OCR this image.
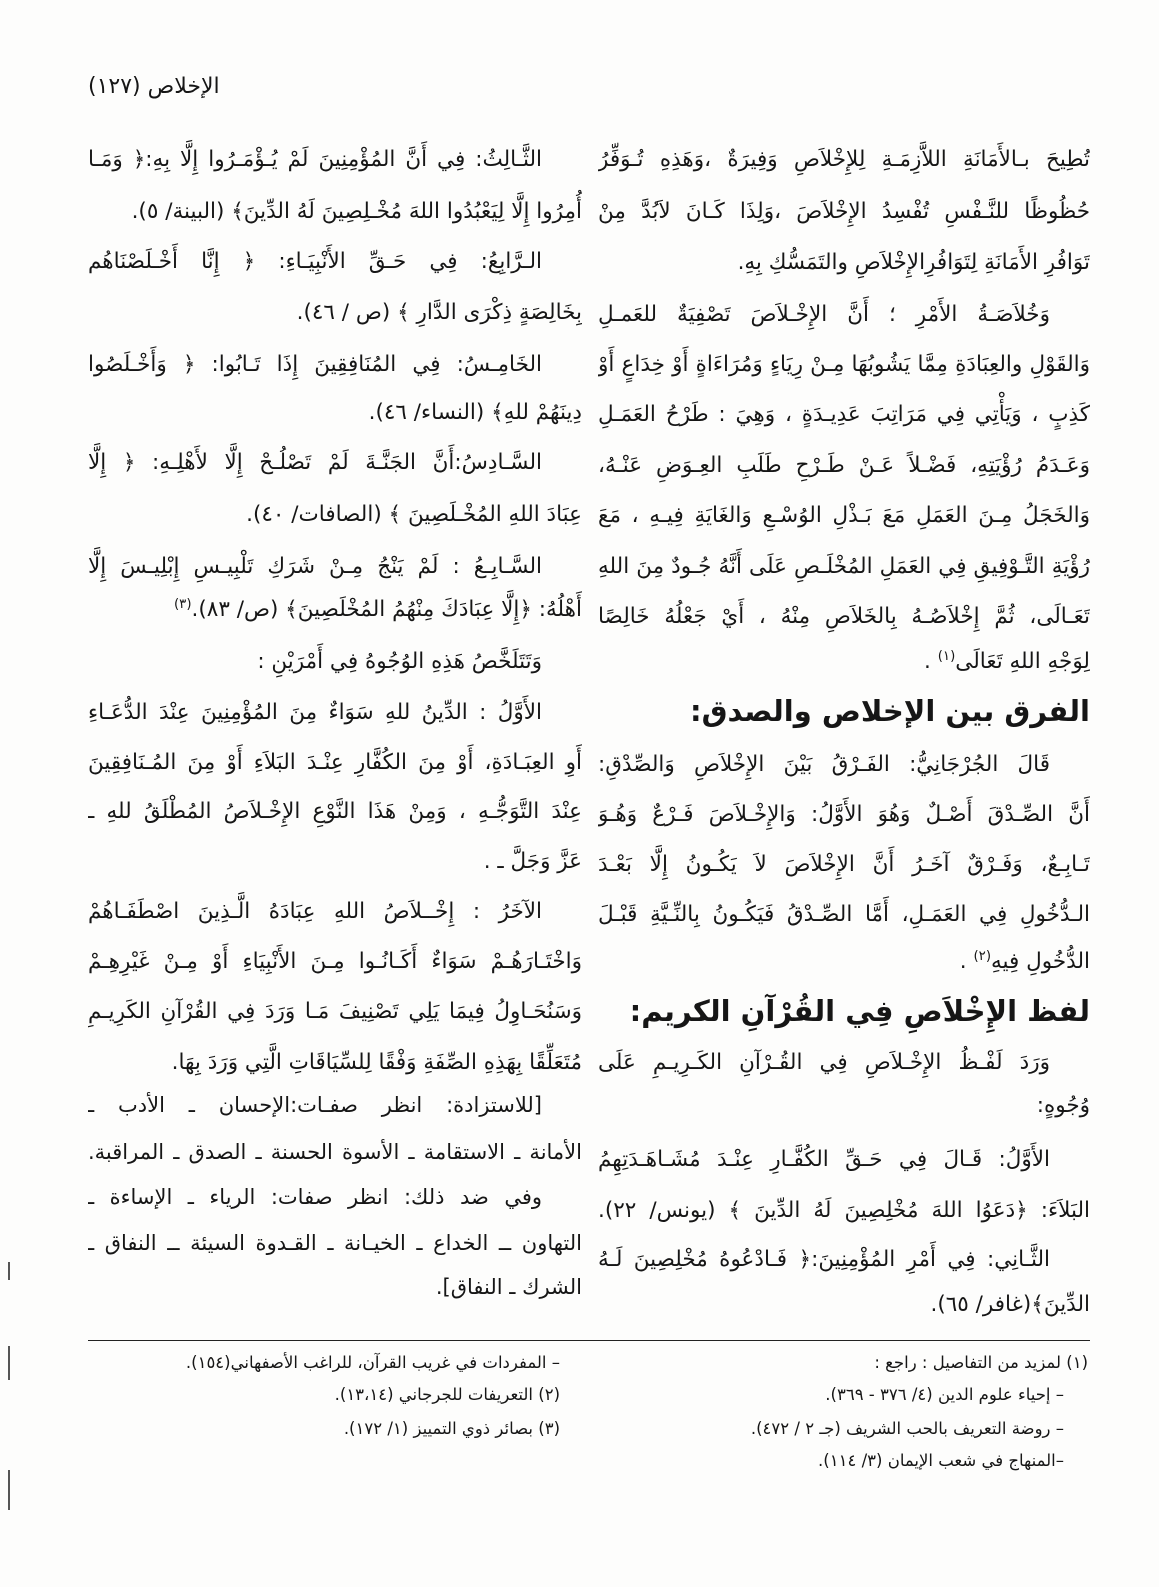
الإخلاص (١٢٧)
تُطِيحَ بـالأَمَانَةِ اللاَّزِمَـةِ لِلإِخْلاَصِ وَفِيرَةٌ ،وَهَذِهِ تُـوَفِّرُ
حُظُوظًا للنَّـفْسِ تُفْسِدُ الإِخْلاَصَ ،وَلِذَا كَـانَ لاَبُدَّ مِنْ
تَوَافُرِ الأَمَانَةِ لِتَوَافُرِالإِخْلاَصِ والتَمَسُّكِ بِهِ.
وَخُلاَصَـةُ الأَمْرِ ؛ أَنَّ الإِخْـلاَصَ تَصْفِيَةٌ للعَمـلِ
وَالقَوْلِ والعِبَادَةِ مِمَّا يَشُوبُهَا مِـنْ رِيَاءٍ وَمُرَاءَاةٍ أَوْ خِدَاعٍ أَوْ
كَذِبٍ ، وَيَأْتِي فِي مَرَاتِبَ عَدِيـدَةٍ ، وَهِيَ : طَرْحُ العَمَـلِ
وَعَـدَمُ رُؤْيَتِهِ، فَضْـلاً عَـنْ طَـرْحِ طَلَبِ العِـوَضِ عَنْـهُ،
وَالخَجَلُ مِـنَ العَمَلِ مَعَ بَـذْلِ الوُسْـعِ وَالغَايَةِ فِيـهِ ، مَعَ
رُؤْيَةِ التَّـوْفِيقِ فِي العَمَلِ المُخْلَـصِ عَلَى أَنَّهُ جُـودٌ مِنَ اللهِ
تَعَـالَى، ثُمَّ إِخْلاَصُـهُ بِالخَلاَصِ مِنْهُ ، أَيْ جَعْلُهُ خَالِصًا
لِوَجْهِ اللهِ تَعَالَى$^{(١)}$ .
الفرق بين الإخلاص والصدق:
قَالَ الجُرْجَانِيُّ: الفَـرْقُ بَيْنَ الإِخْلاَصِ وَالصِّدْقِ:
أَنَّ الصِّـدْقَ أَصْـلٌ وَهُوَ الأَوَّلُ: وَالإِخْـلاَصَ فَـرْعٌ وَهُـوَ
تَـابِـعٌ، وَفَـرْقٌ آخَـرُ أَنَّ الإِخْلاَصَ لاَ يَكُـونُ إِلَّا بَعْـدَ
الـدُّخُولِ فِي العَمَـلِ، أَمَّا الصِّـدْقُ فَيَكُـونُ بِالنِّـيَّةِ قَبْـلَ
الدُّخُولِ فِيهِ$^{(٢)}$ .
لفظ الإِخْلاَصِ فِي القُرْآنِ الكريم:
وَرَدَ لَفْـظُ الإِخْـلاَصِ فِي القُـرْآنِ الكَـرِيـمِ عَلَى
وُجُوهٍ:
الأَوَّلُ: قَـالَ فِي حَـقِّ الكُفَّـارِ عِنْـدَ مُشَـاهَـدَتِهِمُ
البَلاَءَ: ﴿دَعَوُا اللهَ مُخْلِصِينَ لَهُ الدِّينَ ﴾ (يونس/ ٢٢).
الثَّـانِي: فِي أَمْرِ المُؤْمِنِينَ:﴿ فَـادْعُوهُ مُخْلِصِينَ لَـهُ
الدِّينَ﴾(غافر/ ٦٥).
الثَّـالِثُ: فِي أَنَّ المُؤْمِنِينَ لَمْ يُـؤْمَـرُوا إِلَّا بِهِ:﴿ وَمَـا
أُمِرُوا إِلَّا لِيَعْبُدُوا اللهَ مُخْـلِصِينَ لَهُ الدِّينَ﴾ (البينة/ ٥).
الـرَّابِعُ: فِي حَـقِّ الأَنْبِيَـاءِ: ﴿ إِنَّا أَخْـلَصْنَاهُم
بِخَالِصَةٍ ذِكْرَى الدَّارِ ﴾ (ص / ٤٦).
الخَامِـسُ: فِي المُنَافِقِينَ إِذَا تَـابُوا: ﴿ وَأَخْـلَصُوا
دِينَهُمْ للهِ﴾ (النساء/ ٤٦).
السَّـادِسُ:أَنَّ الجَنَّـةَ لَمْ تَصْلُـحْ إِلَّا لأَهْلِـهِ: ﴿ إِلَّا
عِبَادَ اللهِ المُخْـلَصِينَ ﴾ (الصافات/ ٤٠).
السَّـابِـعُ : لَمْ يَنْجُ مِـنْ شَرَكِ تَلْبِيـسِ إِبْلِيـسَ إِلَّا
أَهْلُهُ: ﴿إِلَّا عِبَادَكَ مِنْهُمُ المُخْلَصِينَ﴾ (ص/ ٨٣).$^{(٣)}$
وَتَتَلَخَّصُ هَذِهِ الوُجُوهُ فِي أَمْرَيْنِ :
الأَوَّلُ : الدِّينُ للهِ سَوَاءٌ مِنَ المُؤْمِنِينَ عِنْدَ الدُّعَـاءِ
أَوِ العِبَـادَةِ، أَوْ مِنَ الكُفَّارِ عِنْـدَ البَلاَءِ أَوْ مِنَ المُـنَافِقِينَ
عِنْدَ التَّوَجُّـهِ ، وَمِنْ هَذَا النَّوْعِ الإِخْـلاَصُ المُطْلَقُ للهِ ـ
عَزَّ وَجَلَّ ـ .
الآخَرُ : إِخْــلاَصُ اللهِ عِبَادَهُ الَّـذِينَ اصْطَفَـاهُمْ
وَاخْتَـارَهُـمْ سَوَاءٌ أَكَـانُـوا مِـنَ الأَنْبِيَاءِ أَوْ مِـنْ غَيْرِهِـمْ
وَسَنُحَـاوِلُ فِيمَا يَلِي تَصْنِيفَ مَـا وَرَدَ فِي القُرْآنِ الكَرِيـمِ
مُتَعَلِّقًا بِهَذِهِ الصِّفَةِ وَفْقًا لِلسِّيَاقَاتِ الَّتِي وَرَدَ بِهَا.
[للاستزادة: انظر صفـات:الإحسان ـ الأدب ـ
الأمانة ـ الاستقامة ـ الأسوة الحسنة ـ الصدق ـ المراقبة.
وفي ضد ذلك: انظر صفات: الرياء ـ الإساءة ـ
التهاون ــ الخداع ـ الخيـانة ـ القـدوة السيئة ــ النفاق ـ
الشرك ـ النفاق].
(١) لمزيد من التفاصيل : راجع :
– إحياء علوم الدين (٤/ ٣٧٦ - ٣٦٩).
– روضة التعريف بالحب الشريف (جـ ٢ / ٤٧٢).
–المنهاج في شعب الإيمان (٣/ ١١٤).
– المفردات في غريب القرآن، للراغب الأصفهاني(١٥٤).
(٢) التعريفات للجرجاني (١٣،١٤).
(٣) بصائر ذوي التمييز (١/ ١٧٢).
